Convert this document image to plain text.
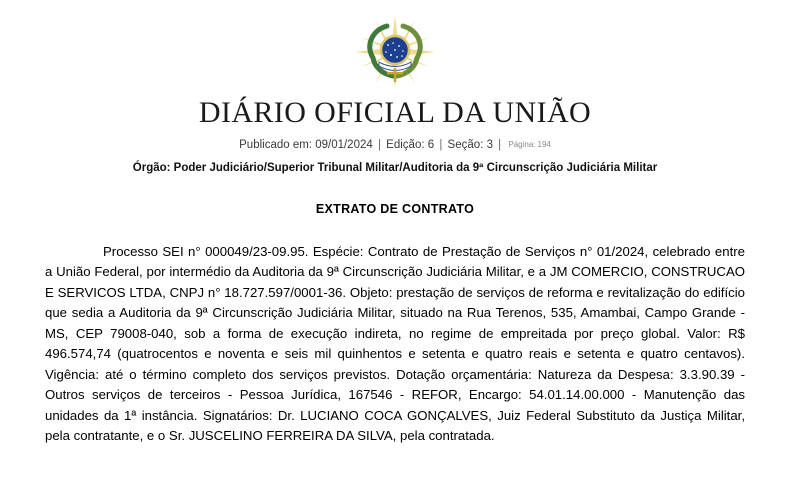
DIÁRIO OFICIAL DA UNIÃO
Publicado em: 09/01/2024 | Edição: 6 | Seção: 3 | Página: 194
Órgão: Poder Judiciário/Superior Tribunal Militar/Auditoria da 9ª Circunscrição Judiciária Militar
EXTRATO DE CONTRATO
Processo SEI n° 000049/23-09.95. Espécie: Contrato de Prestação de Serviços n° 01/2024, celebrado entre a União Federal, por intermédio da Auditoria da 9ª Circunscrição Judiciária Militar, e a JM COMERCIO, CONSTRUCAO E SERVICOS LTDA, CNPJ n° 18.727.597/0001-36. Objeto: prestação de serviços de reforma e revitalização do edifício que sedia a Auditoria da 9ª Circunscrição Judiciária Militar, situado na Rua Terenos, 535, Amambai, Campo Grande - MS, CEP 79008-040, sob a forma de execução indireta, no regime de empreitada por preço global. Valor: R$ 496.574,74 (quatrocentos e noventa e seis mil quinhentos e setenta e quatro reais e setenta e quatro centavos). Vigência: até o término completo dos serviços previstos. Dotação orçamentária: Natureza da Despesa: 3.3.90.39 - Outros serviços de terceiros - Pessoa Jurídica, 167546 - REFOR, Encargo: 54.01.14.00.000 - Manutenção das unidades da 1ª instância. Signatários: Dr. LUCIANO COCA GONÇALVES, Juiz Federal Substituto da Justiça Militar, pela contratante, e o Sr. JUSCELINO FERREIRA DA SILVA, pela contratada.
